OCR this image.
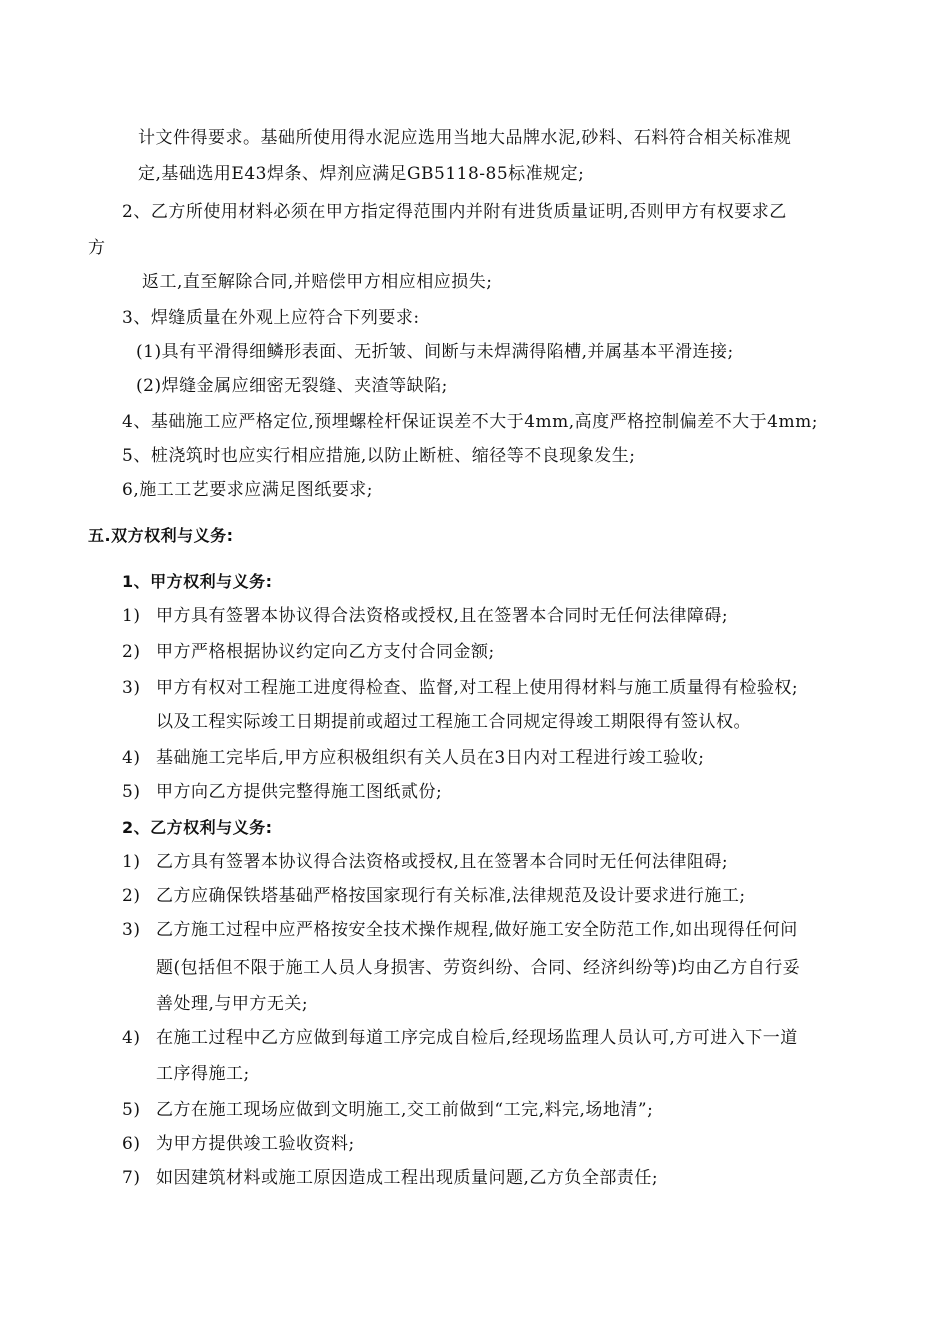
计文件得要求。基础所使用得水泥应选用当地大品牌水泥,砂料、石料符合相关标准规
定,基础选用E43焊条、焊剂应满足GB5118-85标准规定;
2、乙方所使用材料必须在甲方指定得范围内并附有进货质量证明,否则甲方有权要求乙
方
返工,直至解除合同,并赔偿甲方相应相应损失;
3、焊缝质量在外观上应符合下列要求:
(1)具有平滑得细鳞形表面、无折皱、间断与未焊满得陷槽,并属基本平滑连接;
(2)焊缝金属应细密无裂缝、夹渣等缺陷;
4、基础施工应严格定位,预埋螺栓杆保证误差不大于4mm,高度严格控制偏差不大于4mm;
5、桩浇筑时也应实行相应措施,以防止断桩、缩径等不良现象发生;
6,施工工艺要求应满足图纸要求;
五.双方权利与义务:
1、甲方权利与义务:
1) 甲方具有签署本协议得合法资格或授权,且在签署本合同时无任何法律障碍;
2) 甲方严格根据协议约定向乙方支付合同金额;
3) 甲方有权对工程施工进度得检查、监督,对工程上使用得材料与施工质量得有检验权;
以及工程实际竣工日期提前或超过工程施工合同规定得竣工期限得有签认权。
4) 基础施工完毕后,甲方应积极组织有关人员在3日内对工程进行竣工验收;
5) 甲方向乙方提供完整得施工图纸贰份;
2、乙方权利与义务:
1) 乙方具有签署本协议得合法资格或授权,且在签署本合同时无任何法律阻碍;
2) 乙方应确保铁塔基础严格按国家现行有关标准,法律规范及设计要求进行施工;
3) 乙方施工过程中应严格按安全技术操作规程,做好施工安全防范工作,如出现得任何问
题(包括但不限于施工人员人身损害、劳资纠纷、合同、经济纠纷等)均由乙方自行妥
善处理,与甲方无关;
4) 在施工过程中乙方应做到每道工序完成自检后,经现场监理人员认可,方可进入下一道
工序得施工;
5) 乙方在施工现场应做到文明施工,交工前做到“工完,料完,场地清”;
6) 为甲方提供竣工验收资料;
7) 如因建筑材料或施工原因造成工程出现质量问题,乙方负全部责任;
